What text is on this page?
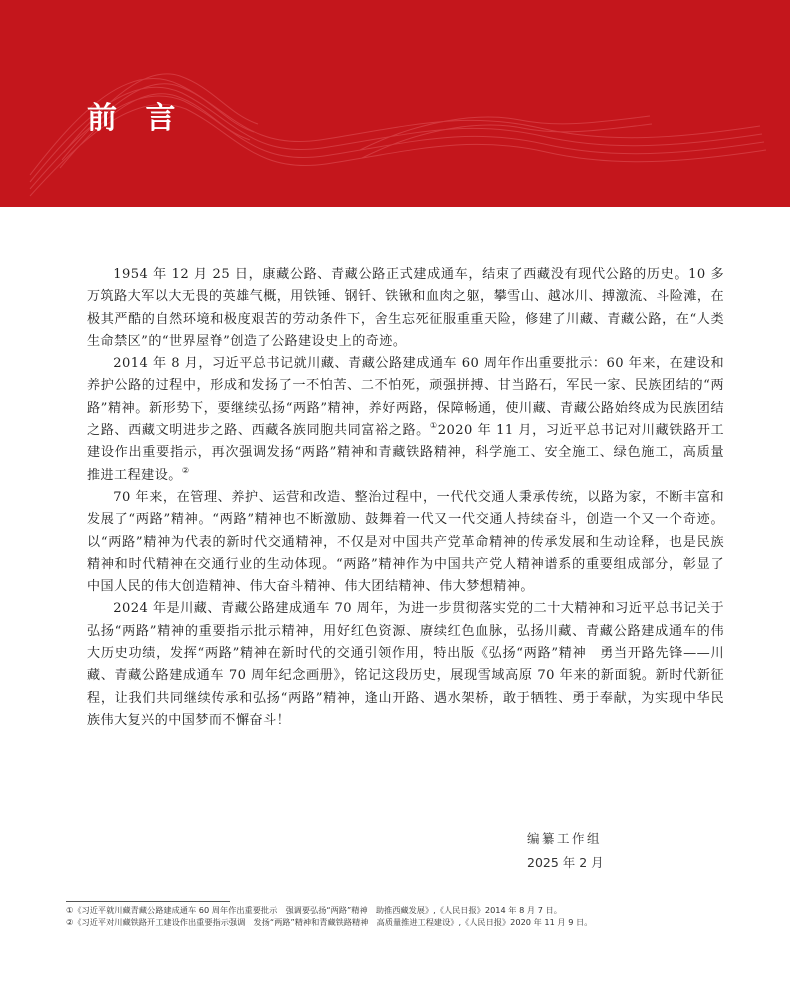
前 言

1954 年 12 月 25 日，康藏公路、青藏公路正式建成通车，结束了西藏没有现代公路的历史。10 多万筑路大军以大无畏的英雄气概，用铁锤、钢钎、铁锹和血肉之躯，攀雪山、越冰川、搏激流、斗险滩，在极其严酷的自然环境和极度艰苦的劳动条件下，舍生忘死征服重重天险，修建了川藏、青藏公路，在“人类生命禁区”的“世界屋脊”创造了公路建设史上的奇迹。

2014 年 8 月，习近平总书记就川藏、青藏公路建成通车 60 周年作出重要批示：60 年来，在建设和养护公路的过程中，形成和发扬了一不怕苦、二不怕死，顽强拼搏、甘当路石，军民一家、民族团结的“两路”精神。新形势下，要继续弘扬“两路”精神，养好两路，保障畅通，使川藏、青藏公路始终成为民族团结之路、西藏文明进步之路、西藏各族同胞共同富裕之路。①2020 年 11 月，习近平总书记对川藏铁路开工建设作出重要指示，再次强调发扬“两路”精神和青藏铁路精神，科学施工、安全施工、绿色施工，高质量推进工程建设。②

70 年来，在管理、养护、运营和改造、整治过程中，一代代交通人秉承传统，以路为家，不断丰富和发展了“两路”精神。“两路”精神也不断激励、鼓舞着一代又一代交通人持续奋斗，创造一个又一个奇迹。以“两路”精神为代表的新时代交通精神，不仅是对中国共产党革命精神的传承发展和生动诠释，也是民族精神和时代精神在交通行业的生动体现。“两路”精神作为中国共产党人精神谱系的重要组成部分，彰显了中国人民的伟大创造精神、伟大奋斗精神、伟大团结精神、伟大梦想精神。

2024 年是川藏、青藏公路建成通车 70 周年，为进一步贯彻落实党的二十大精神和习近平总书记关于弘扬“两路”精神的重要指示批示精神，用好红色资源、赓续红色血脉，弘扬川藏、青藏公路建成通车的伟大历史功绩，发挥“两路”精神在新时代的交通引领作用，特出版《弘扬“两路”精神　勇当开路先锋——川藏、青藏公路建成通车 70 周年纪念画册》，铭记这段历史，展现雪域高原 70 年来的新面貌。新时代新征程，让我们共同继续传承和弘扬“两路”精神，逢山开路、遇水架桥，敢于牺牲、勇于奉献，为实现中华民族伟大复兴的中国梦而不懈奋斗！

编纂工作组
2025 年 2 月
①《习近平就川藏青藏公路建成通车 60 周年作出重要批示　强调要弘扬“两路”精神　助推西藏发展》,《人民日报》2014 年 8 月 7 日。
②《习近平对川藏铁路开工建设作出重要指示强调　发扬“两路”精神和青藏铁路精神　高质量推进工程建设》,《人民日报》2020 年 11 月 9 日。
